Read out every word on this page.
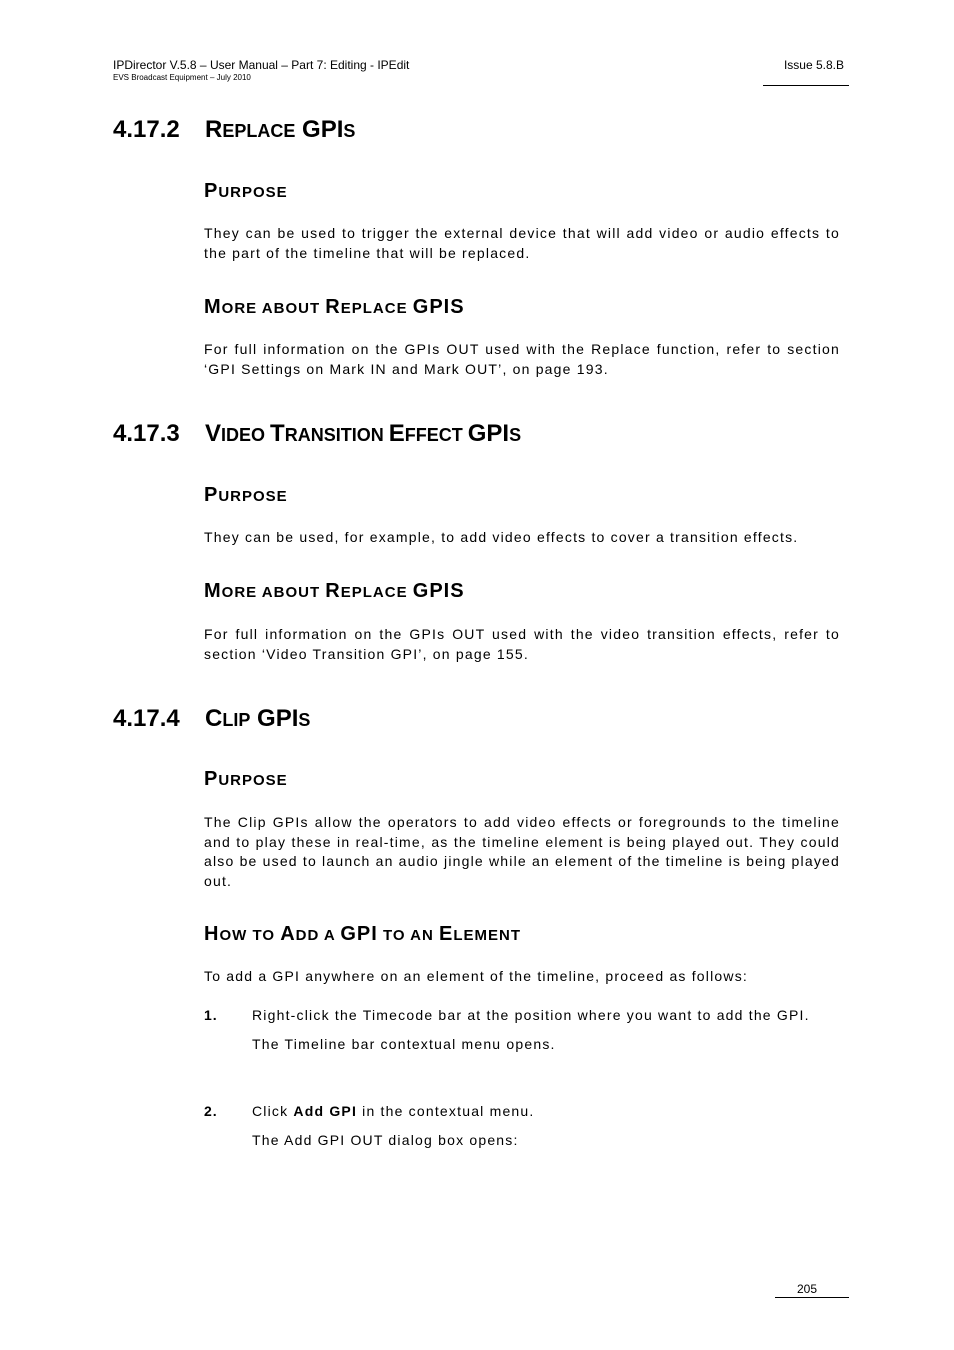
IPDirector V.5.8 – User Manual – Part 7: Editing - IPEdit
EVS Broadcast Equipment – July 2010
Issue 5.8.B
4.17.2 REPLACE GPIS
PURPOSE
They can be used to trigger the external device that will add video or audio effects to the part of the timeline that will be replaced.
MORE ABOUT REPLACE GPIS
For full information on the GPIs OUT used with the Replace function, refer to section ‘GPI Settings on Mark IN and Mark OUT’, on page 193.
4.17.3 VIDEO TRANSITION EFFECT GPIS
PURPOSE
They can be used, for example, to add video effects to cover a transition effects.
MORE ABOUT REPLACE GPIS
For full information on the GPIs OUT used with the video transition effects, refer to section ‘Video Transition GPI’, on page 155.
4.17.4 CLIP GPIS
PURPOSE
The Clip GPIs allow the operators to add video effects or foregrounds to the timeline and to play these in real-time, as the timeline element is being played out. They could also be used to launch an audio jingle while an element of the timeline is being played out.
HOW TO ADD A GPI TO AN ELEMENT
To add a GPI anywhere on an element of the timeline, proceed as follows:
1. Right-click the Timecode bar at the position where you want to add the GPI.
The Timeline bar contextual menu opens.
2. Click Add GPI in the contextual menu.
The Add GPI OUT dialog box opens:
205
